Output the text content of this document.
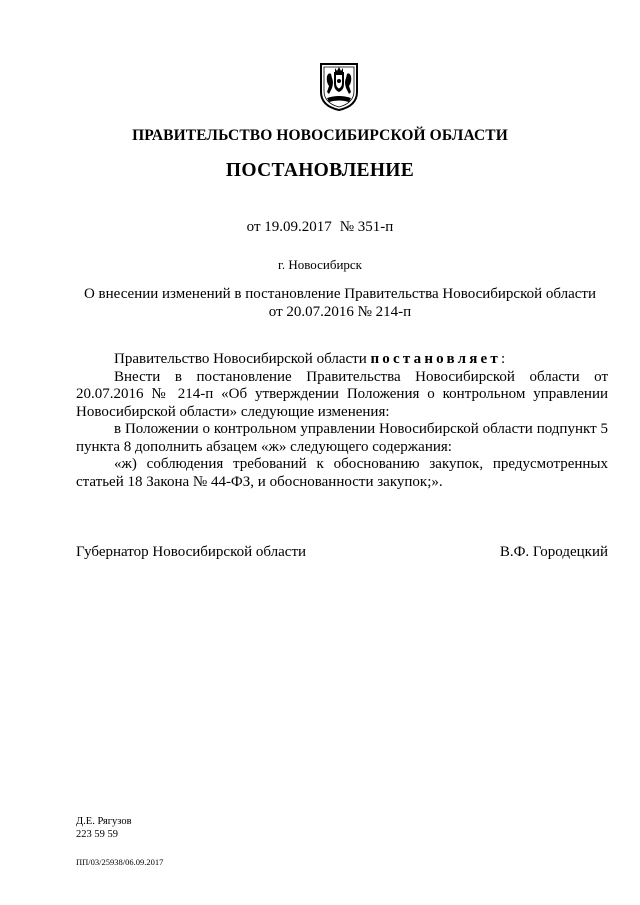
ПРАВИТЕЛЬСТВО НОВОСИБИРСКОЙ ОБЛАСТИ
ПОСТАНОВЛЕНИЕ
от 19.09.2017 № 351-п
г. Новосибирск
О внесении изменений в постановление Правительства Новосибирской области
от 20.07.2016 № 214-п

Правительство Новосибирской области постановляет:

Внести в постановление Правительства Новосибирской области от 20.07.2016 № 214-п «Об утверждении Положения о контрольном управлении Новосибирской области» следующие изменения:

в Положении о контрольном управлении Новосибирской области подпункт 5 пункта 8 дополнить абзацем «ж» следующего содержания:

«ж) соблюдения требований к обоснованию закупок, предусмотренных статьей 18 Закона № 44-ФЗ, и обоснованности закупок;».

Губернатор Новосибирской области	В.Ф. Городецкий
Д.Е. Рягузов
223 59 59
ПП/03/25938/06.09.2017
